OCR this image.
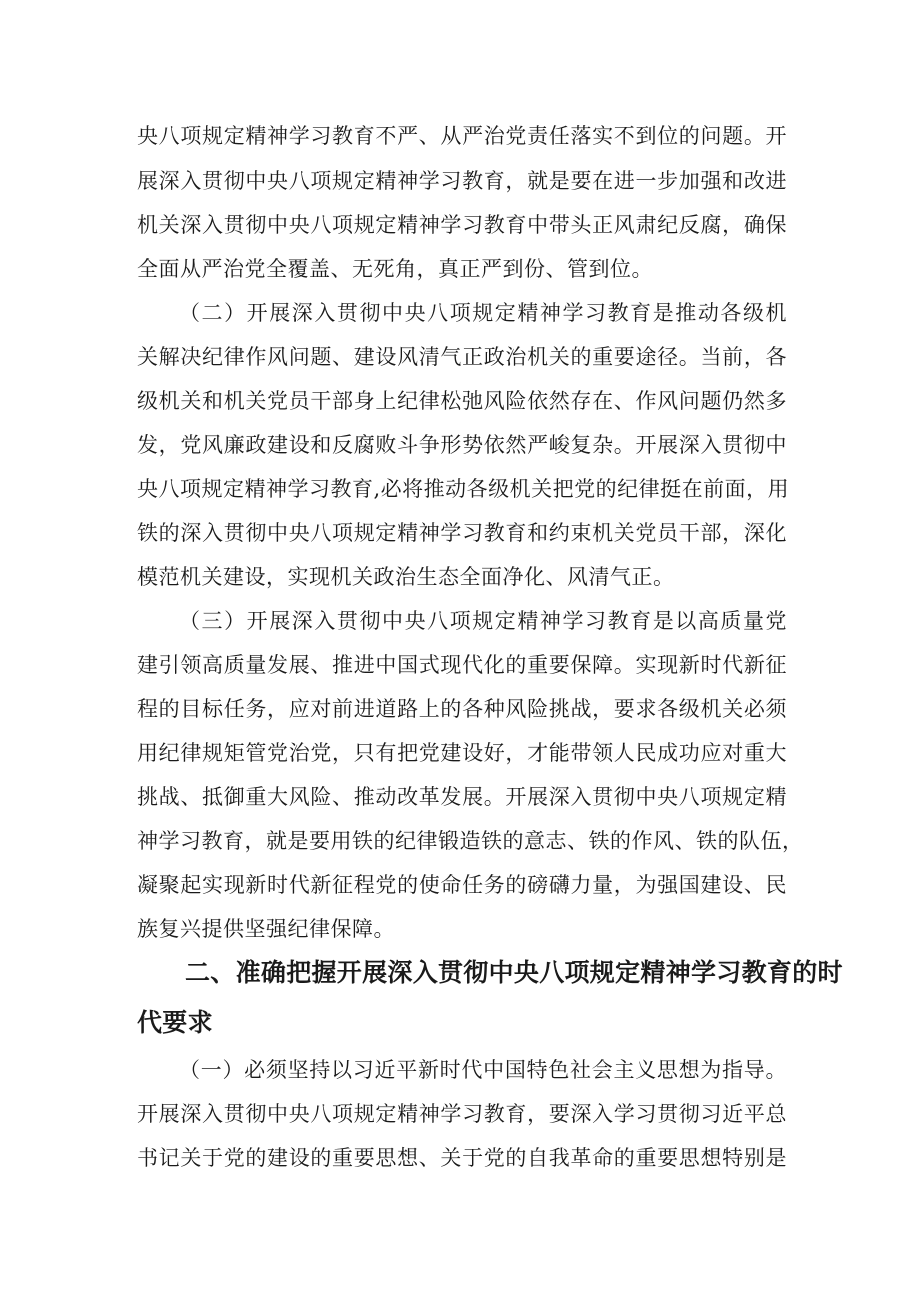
央八项规定精神学习教育不严、从严治党责任落实不到位的问题。开
展深入贯彻中央八项规定精神学习教育，就是要在进一步加强和改进
机关深入贯彻中央八项规定精神学习教育中带头正风肃纪反腐，确保
全面从严治党全覆盖、无死角，真正严到份、管到位。
（二）开展深入贯彻中央八项规定精神学习教育是推动各级机
关解决纪律作风问题、建设风清气正政治机关的重要途径。当前，各
级机关和机关党员干部身上纪律松弛风险依然存在、作风问题仍然多
发，党风廉政建设和反腐败斗争形势依然严峻复杂。开展深入贯彻中
央八项规定精神学习教育,必将推动各级机关把党的纪律挺在前面，用
铁的深入贯彻中央八项规定精神学习教育和约束机关党员干部，深化
模范机关建设，实现机关政治生态全面净化、风清气正。
（三）开展深入贯彻中央八项规定精神学习教育是以高质量党
建引领高质量发展、推进中国式现代化的重要保障。实现新时代新征
程的目标任务，应对前进道路上的各种风险挑战，要求各级机关必须
用纪律规矩管党治党，只有把党建设好，才能带领人民成功应对重大
挑战、抵御重大风险、推动改革发展。开展深入贯彻中央八项规定精
神学习教育，就是要用铁的纪律锻造铁的意志、铁的作风、铁的队伍，
凝聚起实现新时代新征程党的使命任务的磅礴力量，为强国建设、民
族复兴提供坚强纪律保障。
二、准确把握开展深入贯彻中央八项规定精神学习教育的时
代要求
（一）必须坚持以习近平新时代中国特色社会主义思想为指导。
开展深入贯彻中央八项规定精神学习教育，要深入学习贯彻习近平总
书记关于党的建设的重要思想、关于党的自我革命的重要思想特别是
